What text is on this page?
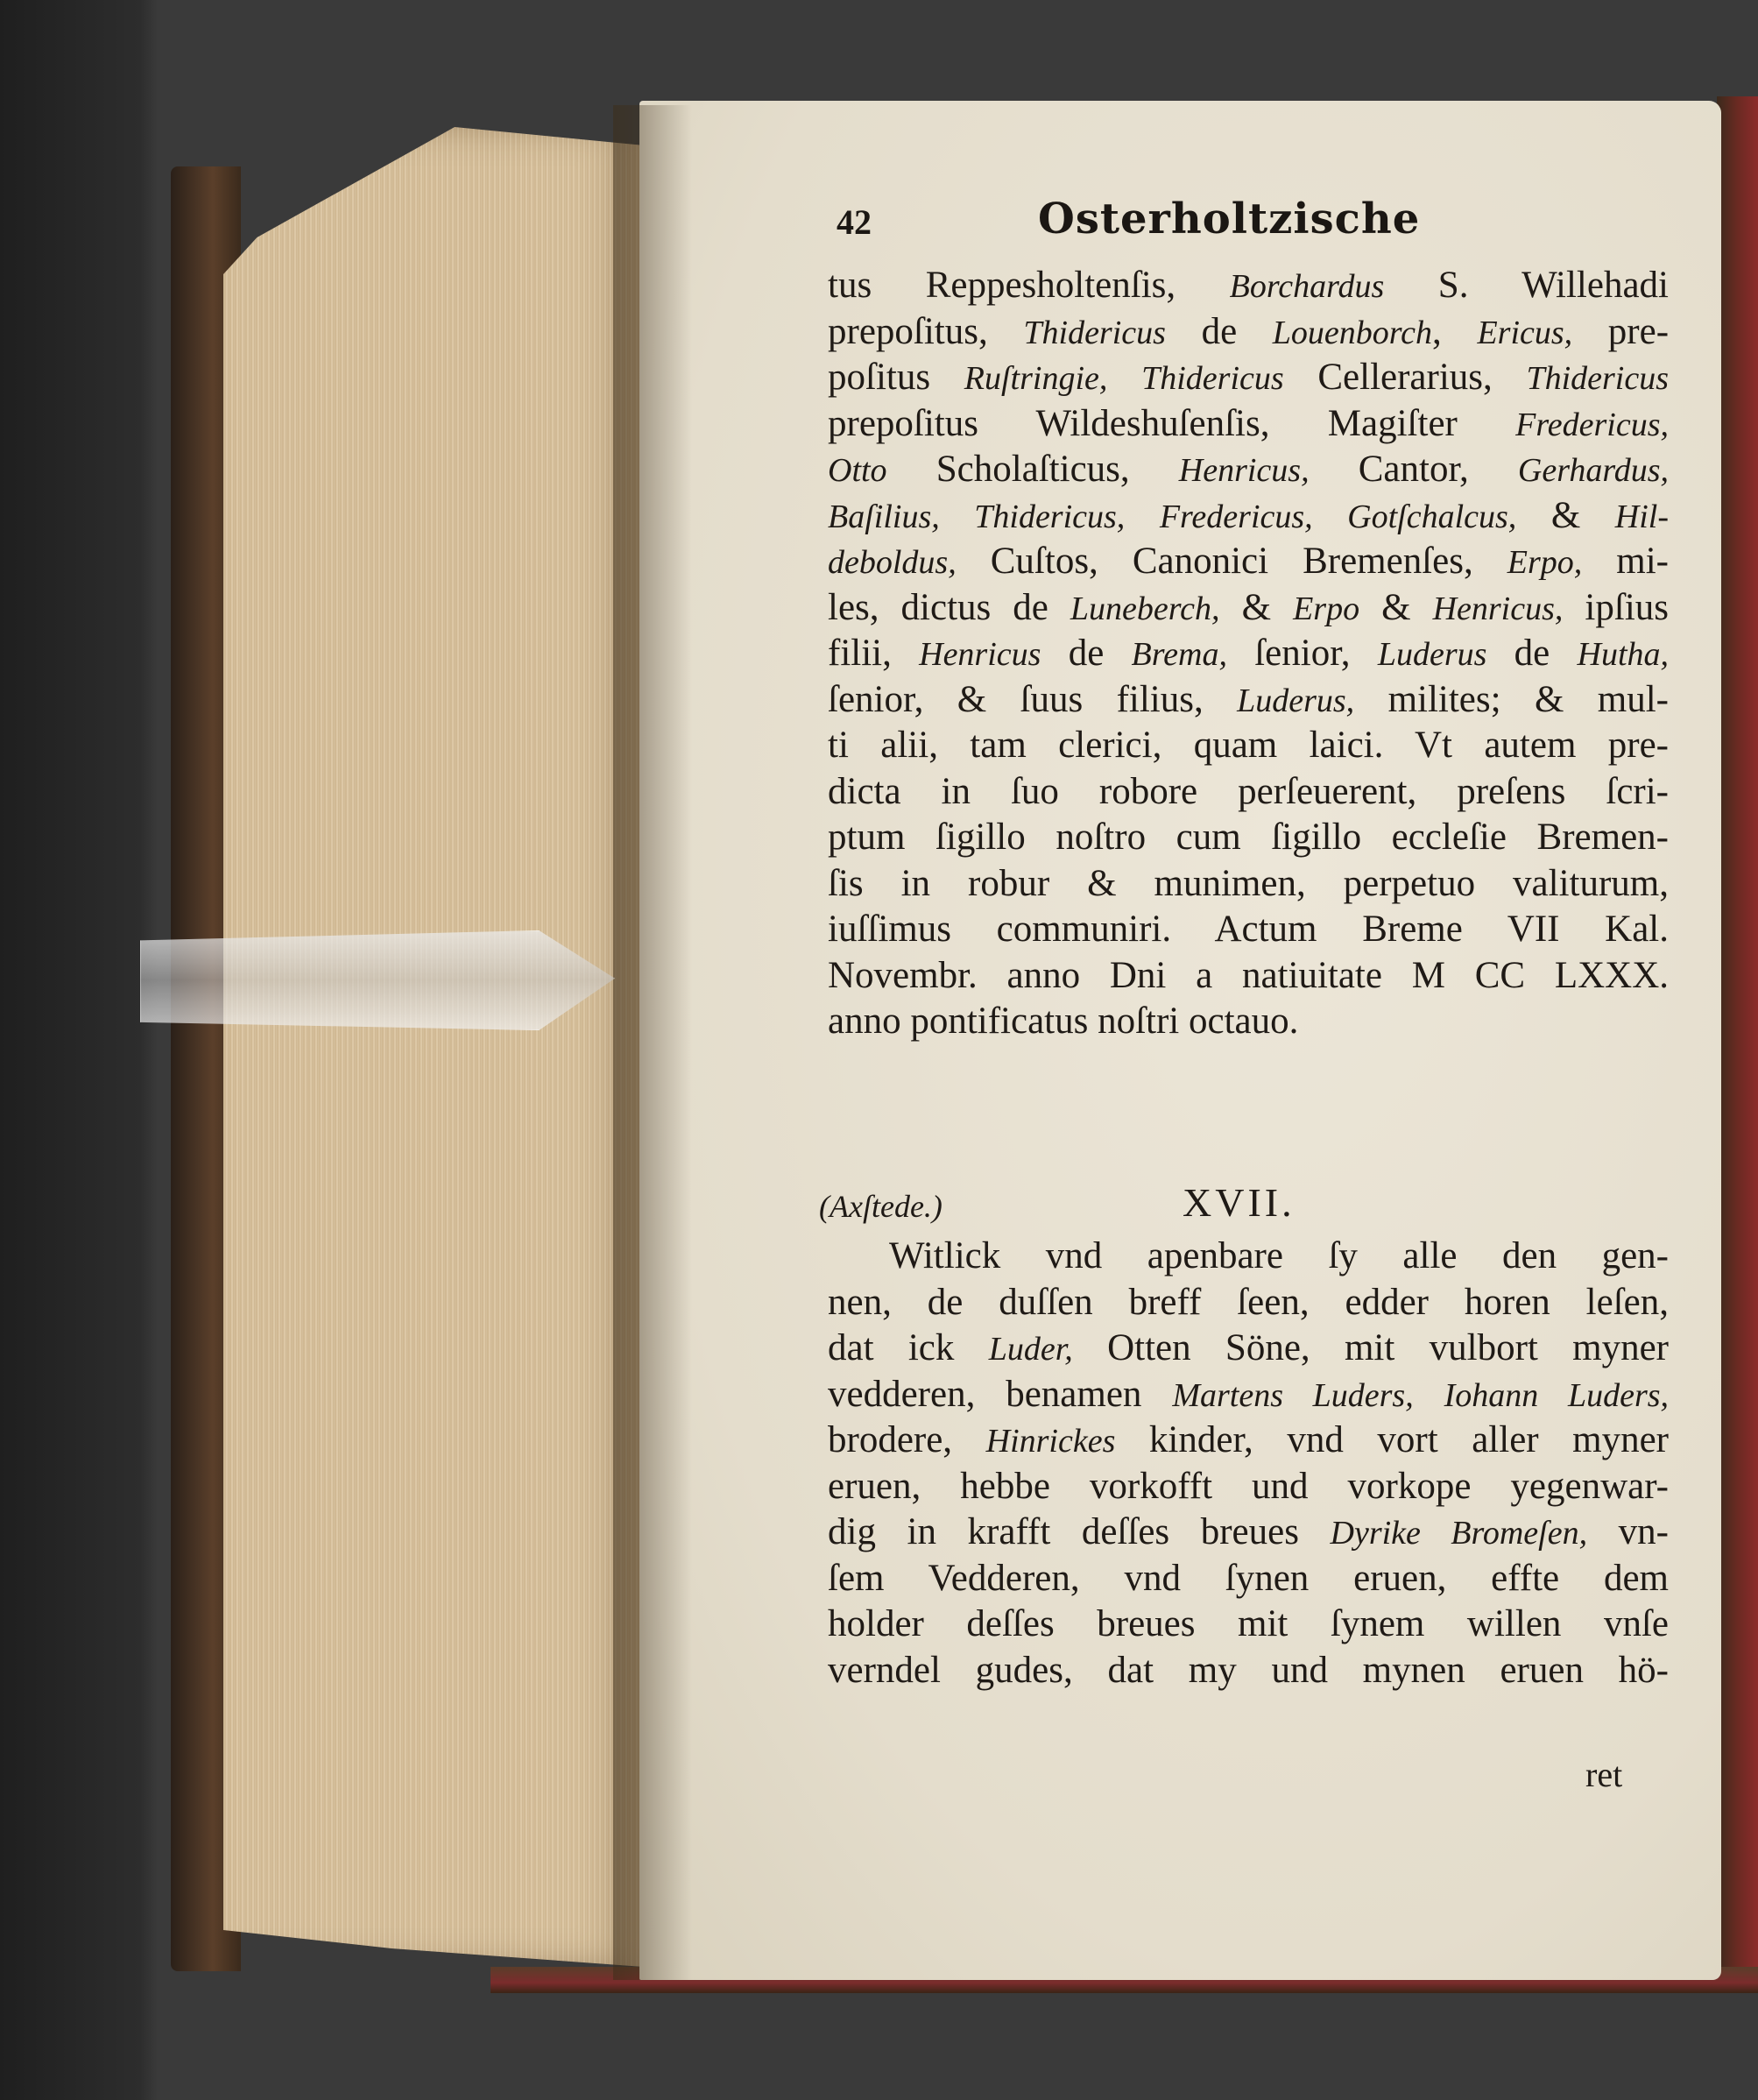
42	Osterholtzische
tus Reppesholtenſis, Borchardus S. Willehadi
prepoſitus, Thidericus de Louenborch, Ericus, pre-
poſitus Ruſtringie, Thidericus Cellerarius, Thidericus
prepoſitus Wildeshuſenſis, Magiſter Fredericus,
Otto Scholaſticus, Henricus, Cantor, Gerhardus,
Baſilius, Thidericus, Fredericus, Gotſchalcus, & Hil-
deboldus, Cuſtos, Canonici Bremenſes, Erpo, mi-
les, dictus de Luneberch, & Erpo & Henricus, ipſius
filii, Henricus de Brema, ſenior, Luderus de Hutha,
ſenior, & ſuus filius, Luderus, milites; & mul-
ti alii, tam clerici, quam laici. Vt autem pre-
dicta in ſuo robore perſeuerent, preſens ſcri-
ptum ſigillo noſtro cum ſigillo eccleſie Bremen-
ſis in robur & munimen, perpetuo valiturum,
iuſſimus communiri. Actum Breme VII Kal.
Novembr. anno Dni a natiuitate M CC LXXX.
anno pontificatus noſtri octauo.
(Axſtede.)	XVII.
Witlick vnd apenbare ſy alle den gen-
nen, de duſſen breff ſeen, edder horen leſen,
dat ick Luder, Otten Söne, mit vulbort myner
vedderen, benamen Martens Luders, Iohann Luders,
brodere, Hinrickes kinder, vnd vort aller myner
eruen, hebbe vorkofft und vorkope yegenwar-
dig in krafft deſſes breues Dyrike Bromeſen, vn-
ſem Vedderen, vnd ſynen eruen, effte dem
holder deſſes breues mit ſynem willen vnſe
verndel gudes, dat my und mynen eruen hö-
ret
